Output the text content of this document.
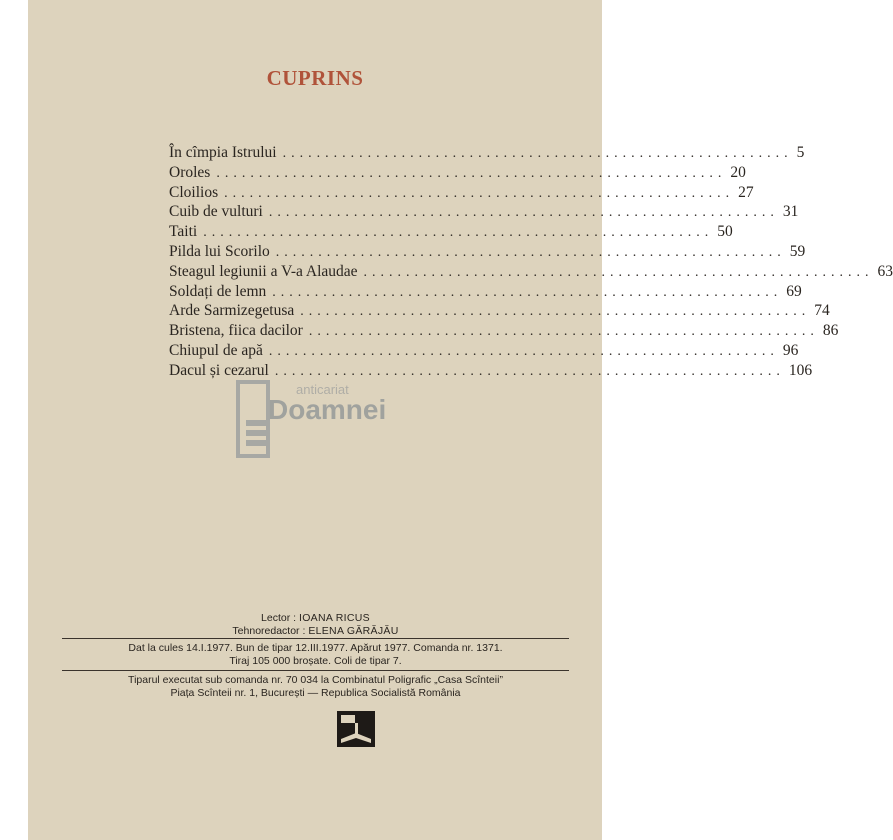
CUPRINS
În cîmpia Istrului ............................................................ 5
Oroles ............................................................ 20
Cloilios ............................................................ 27
Cuib de vulturi ............................................................ 31
Taiti ............................................................ 50
Pilda lui Scorilo ............................................................ 59
Steagul legiunii a V-a Alaudae ............................................................ 63
Soldați de lemn ............................................................ 69
Arde Sarmizegetusa ............................................................ 74
Bristena, fiica dacilor ............................................................ 86
Chiupul de apă ............................................................ 96
Dacul și cezarul ............................................................ 106
anticariat
Doamnei
Lector : IOANA RICUS
Tehnoredactor : ELENA GĂRĂJĂU
Dat la cules 14.I.1977. Bun de tipar 12.III.1977. Apărut 1977. Comanda nr. 1371.
Tiraj 105 000 broșate. Coli de tipar 7.
Tiparul executat sub comanda nr. 70 034 la Combinatul Poligrafic „Casa Scînteii”
Piața Scînteii nr. 1, București — Republica Socialistă România
